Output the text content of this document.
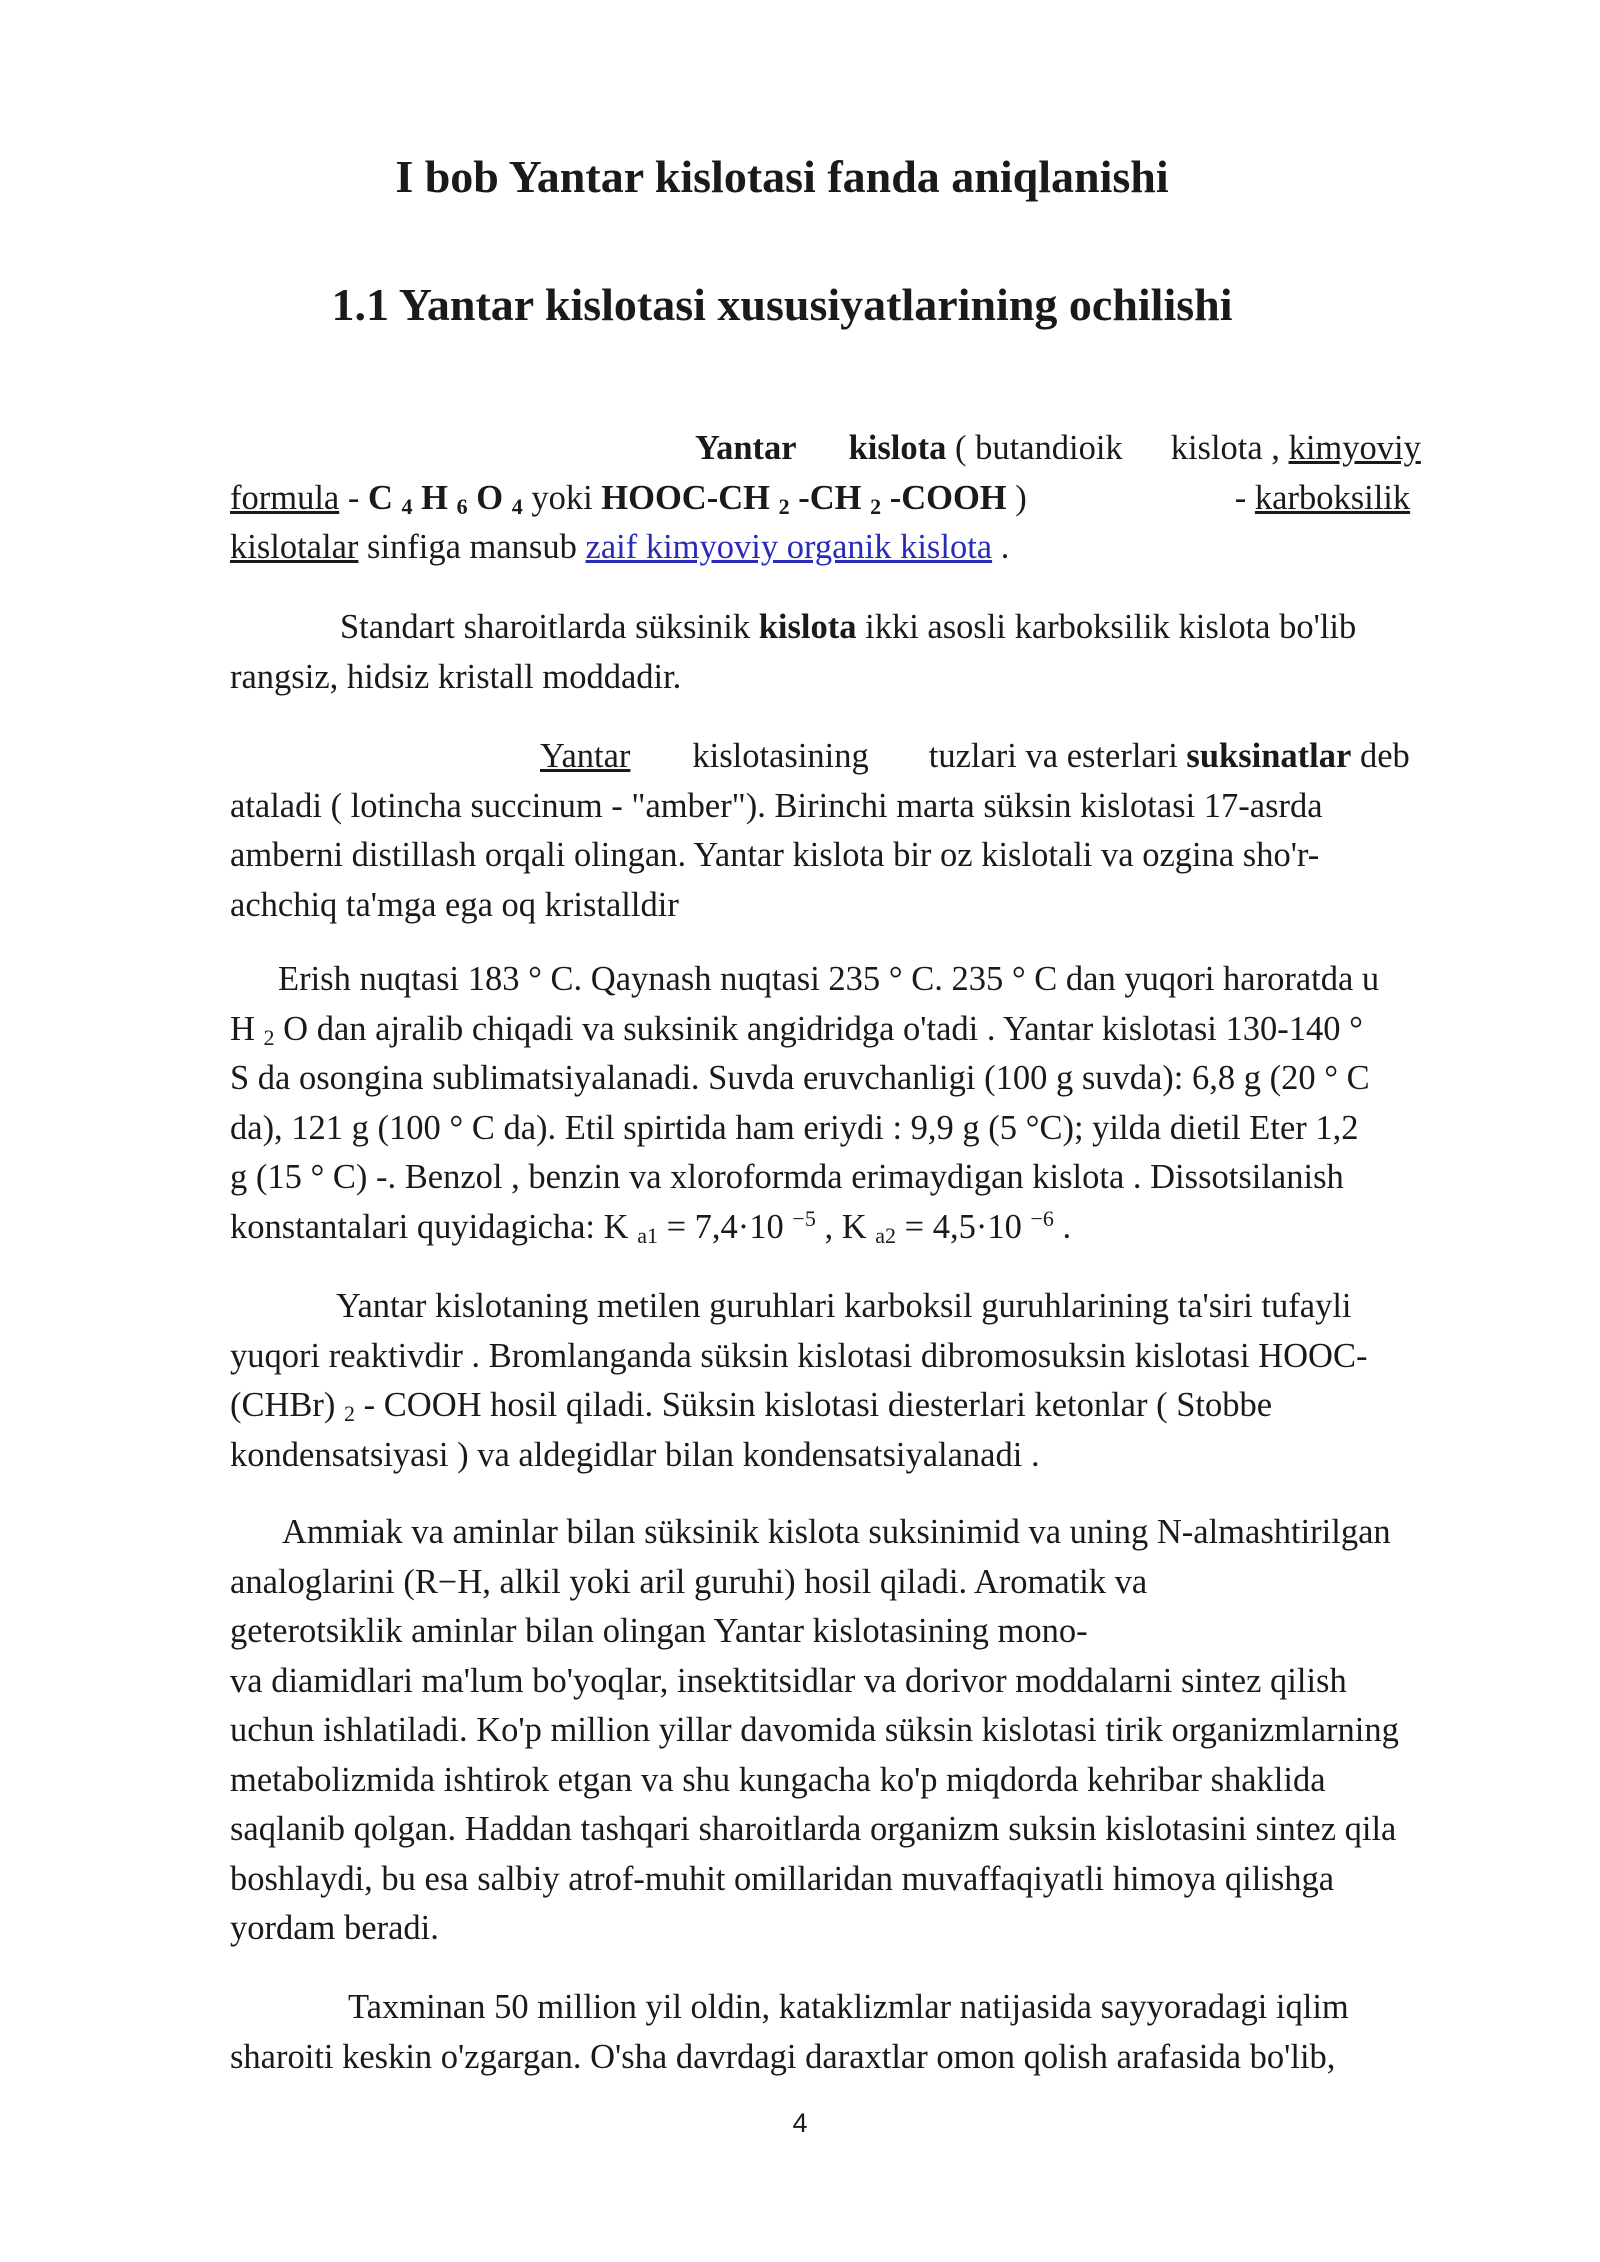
I bob Yantar kislotasi fanda aniqlanishi
1.1 Yantar kislotasi xususiyatlarining ochilishi
Yantar kislota ( butandioik kislota , kimyoviy
formula - C $_4$ H $_6$ O $_4$ yoki HOOC-CH $_2$ -CH $_2$ -COOH )	- karboksilik
kislotalar sinfiga mansub zaif kimyoviy organik kislota .
Standart sharoitlarda süksinik kislota ikki asosli karboksilik kislota bo'lib
rangsiz, hidsiz kristall moddadir.
Yantar kislotasining tuzlari va esterlari suksinatlar deb
ataladi ( lotincha succinum - "amber"). Birinchi marta süksin kislotasi 17-asrda
amberni distillash orqali olingan. Yantar kislota bir oz kislotali va ozgina sho'r-
achchiq ta'mga ega oq kristalldir
Erish nuqtasi 183 ° C. Qaynash nuqtasi 235 ° C. 235 ° C dan yuqori haroratda u
H $_2$ O dan ajralib chiqadi va suksinik angidridga o'tadi . Yantar kislotasi 130-140 °
S da osongina sublimatsiyalanadi. Suvda eruvchanligi (100 g suvda): 6,8 g (20 ° C
da), 121 g (100 ° C da). Etil spirtida ham eriydi : 9,9 g (5 °C); yilda dietil Eter 1,2
g (15 ° C) -. Benzol , benzin va xloroformda erimaydigan kislota . Dissotsilanish
konstantalari quyidagicha: K $_{a1}$ = 7,4·10 $^{-5}$ , K $_{a2}$ = 4,5·10 $^{-6}$ .
Yantar kislotaning metilen guruhlari karboksil guruhlarining ta'siri tufayli
yuqori reaktivdir . Bromlanganda süksin kislotasi dibromosuksin kislotasi HOOC-
(CHBr) $_2$ - COOH hosil qiladi. Süksin kislotasi diesterlari ketonlar ( Stobbe
kondensatsiyasi ) va aldegidlar bilan kondensatsiyalanadi .
Ammiak va aminlar bilan süksinik kislota suksinimid va uning N-almashtirilgan
analoglarini (R−H, alkil yoki aril guruhi) hosil qiladi. Aromatik va
geterotsiklik aminlar bilan olingan Yantar kislotasining mono-
va diamidlari ma'lum bo'yoqlar, insektitsidlar va dorivor moddalarni sintez qilish
uchun ishlatiladi. Ko'p million yillar davomida süksin kislotasi tirik organizmlarning
metabolizmida ishtirok etgan va shu kungacha ko'p miqdorda kehribar shaklida
saqlanib qolgan. Haddan tashqari sharoitlarda organizm suksin kislotasini sintez qila
boshlaydi, bu esa salbiy atrof-muhit omillaridan muvaffaqiyatli himoya qilishga
yordam beradi.
Taxminan 50 million yil oldin, kataklizmlar natijasida sayyoradagi iqlim
sharoiti keskin o'zgargan. O'sha davrdagi daraxtlar omon qolish arafasida bo'lib,
4
